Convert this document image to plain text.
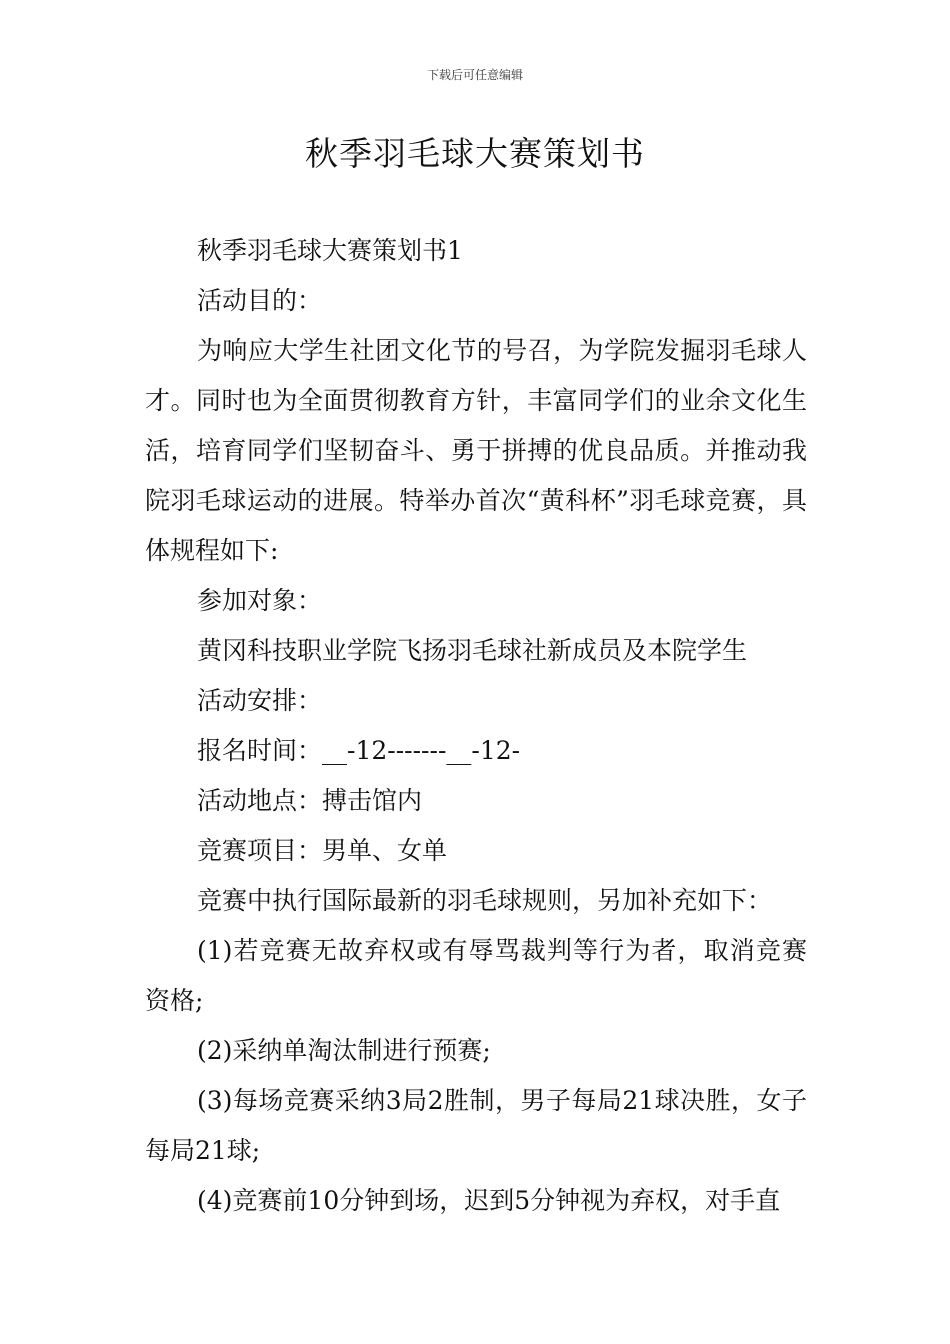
下载后可任意编辑
秋季羽毛球大赛策划书

秋季羽毛球大赛策划书1

活动目的：

为响应大学生社团文化节的号召，为学院发掘羽毛球人才。同时也为全面贯彻教育方针，丰富同学们的业余文化生活，培育同学们坚韧奋斗、勇于拼搏的优良品质。并推动我院羽毛球运动的进展。特举办首次“黄科杯”羽毛球竞赛，具体规程如下:

参加对象：

黄冈科技职业学院飞扬羽毛球社新成员及本院学生

活动安排：

报名时间：__-12-------__-12-

活动地点：搏击馆内

竞赛项目：男单、女单

竞赛中执行国际最新的羽毛球规则，另加补充如下：

(1)若竞赛无故弃权或有辱骂裁判等行为者，取消竞赛资格;

(2)采纳单淘汰制进行预赛;

(3)每场竞赛采纳3局2胜制，男子每局21球决胜，女子每局21球;

(4)竞赛前10分钟到场，迟到5分钟视为弃权，对手直
